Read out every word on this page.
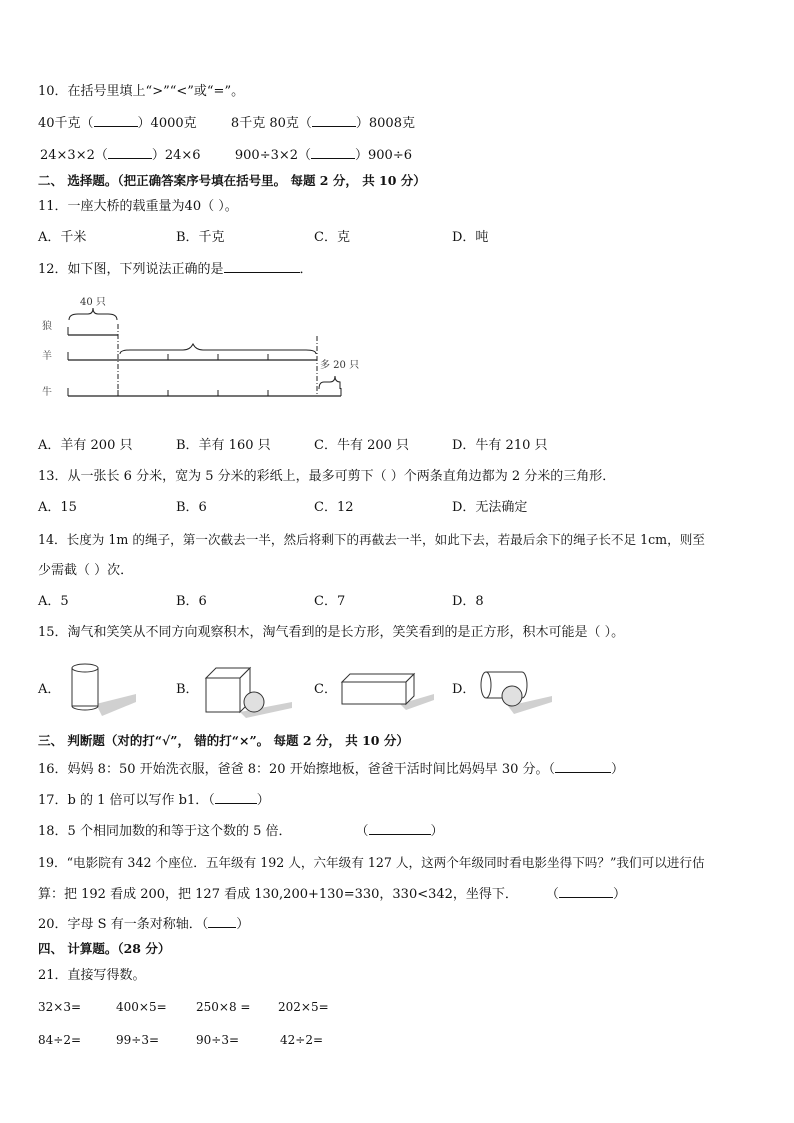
10．在括号里填上“>”“<”或“=”。
40千克（	）4000克	8千克 80克（	）8008克
24×3×2（	）24×6	900÷3×2（	）900÷6
二、 选择题。（把正确答案序号填在括号里。 每题 2 分， 共 10 分）
11．一座大桥的载重量为40（ ）。
A．千米	B．千克	C．克	D．吨
12．如下图，下列说法正确的是	．
狼
羊
牛
40 只
多 20 只
A．羊有 200 只	B．羊有 160 只	C．牛有 200 只	D．牛有 210 只
13．从一张长 6 分米，宽为 5 分米的彩纸上，最多可剪下（ ）个两条直角边都为 2 分米的三角形．
A．15	B．6	C．12	D．无法确定
14．长度为 1m 的绳子，第一次截去一半，然后将剩下的再截去一半，如此下去，若最后余下的绳子长不足 1cm，则至
少需截（ ）次．
A．5	B．6	C．7	D．8
15．淘气和笑笑从不同方向观察积木，淘气看到的是长方形，笑笑看到的是正方形，积木可能是（ ）。
A．	B．	C．	D．
三、 判断题（对的打“√”， 错的打“×”。 每题 2 分， 共 10 分）
16．妈妈 8：50 开始洗衣服，爸爸 8：20 开始擦地板，爸爸干活时间比妈妈早 30 分。（	）
17．b 的 1 倍可以写作 b1．（	）
18．5 个相同加数的和等于这个数的 5 倍．	（	）
19．“电影院有 342 个座位．五年级有 192 人，六年级有 127 人，这两个年级同时看电影坐得下吗？”我们可以进行估
算：把 192 看成 200，把 127 看成 130,200+130=330，330<342，坐得下． （	）
20．字母 S 有一条对称轴．（ ）
四、 计算题。（28 分）
21．直接写得数。
32×3=	400×5= 250×8 = 202×5=
84÷2=	99÷3=	90÷3=	42÷2=
